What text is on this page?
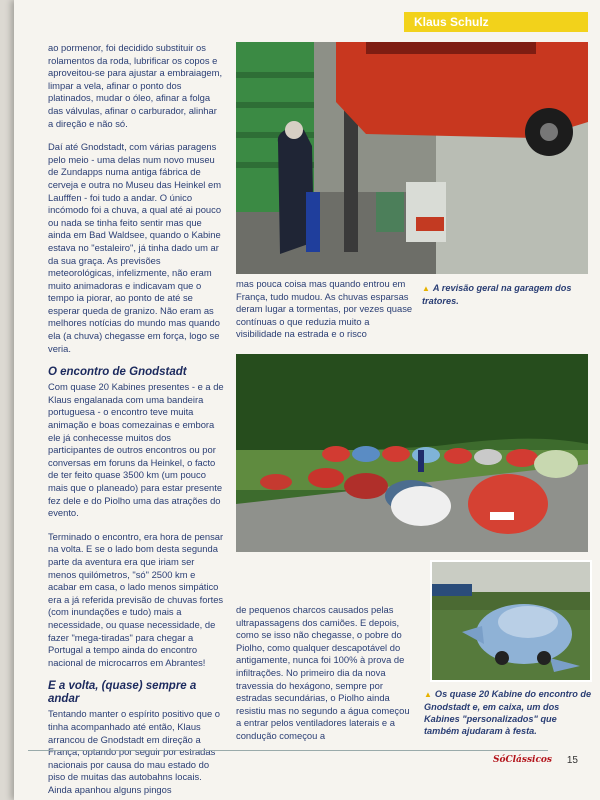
Klaus Schulz

ao pormenor, foi decidido substituir os rolamentos da roda, lubrificar os copos e aproveitou-se para ajustar a embraiagem, limpar a vela, afinar o ponto dos platinados, mudar o óleo, afinar a folga das válvulas, afinar o carburador, alinhar a direção e não só.

Daí até Gnodstadt, com várias paragens pelo meio - uma delas num novo museu de Zundapps numa antiga fábrica de cerveja e outra no Museu das Heinkel em Laufffen - foi tudo a andar. O único incómodo foi a chuva, a qual até ai pouco ou nada se tinha feito sentir mas que ainda em Bad Waldsee, quando o Kabine estava no "estaleiro", já tinha dado um ar da sua graça. As previsões meteorológicas, infelizmente, não eram muito animadoras e indicavam que o tempo ia piorar, ao ponto de até se esperar queda de granizo. Não eram as melhores notícias do mundo mas quando ela (a chuva) chegasse em força, logo se veria.

O encontro de Gnodstadt

Com quase 20 Kabines presentes - e a de Klaus engalanada com uma bandeira portuguesa - o encontro teve muita animação e boas comezainas e embora ele já conhecesse muitos dos participantes de outros encontros ou por conversas em foruns da Heinkel, o facto de ter feito quase 3500 km (um pouco mais que o planeado) para estar presente fez dele e do Piolho uma das atrações do evento.

Terminado o encontro, era hora de pensar na volta. E se o lado bom desta segunda parte da aventura era que iriam ser menos quilómetros, "só" 2500 km e acabar em casa, o lado menos simpático era a já referida previsão de chuvas fortes (com inundações e tudo) mais a necessidade, ou quase necessidade, de fazer "mega-tiradas" para chegar a Portugal a tempo ainda do encontro nacional de microcarros em Abrantes!

E a volta, (quase) sempre a andar

Tentando manter o espírito positivo que o tinha acompanhado até então, Klaus arrancou de Gnodstadt em direção a França, optando por seguir por estradas nacionais por causa do mau estado do piso de muitas das autobahns locais. Ainda apanhou alguns pingos

▲ A revisão geral na garagem dos tratores.

mas pouca coisa mas quando entrou em França, tudo mudou. As chuvas esparsas deram lugar a tormentas, por vezes quase contínuas o que reduzia muito a visibilidade na estrada e o risco

▲ Os quase 20 Kabine do encontro de Gnodstadt e, em caixa, um dos Kabines "personalizados" que também ajudaram à festa.

de pequenos charcos causados pelas ultrapassagens dos camiões. E depois, como se isso não chegasse, o pobre do Piolho, como qualquer descapotável do antigamente, nunca foi 100% à prova de infiltrações. No primeiro dia da nova travessia do hexágono, sempre por estradas secundárias, o Piolho ainda resistiu mas no segundo a água começou a entrar pelos ventiladores laterais e a condução começou a

SóClássicos 15
